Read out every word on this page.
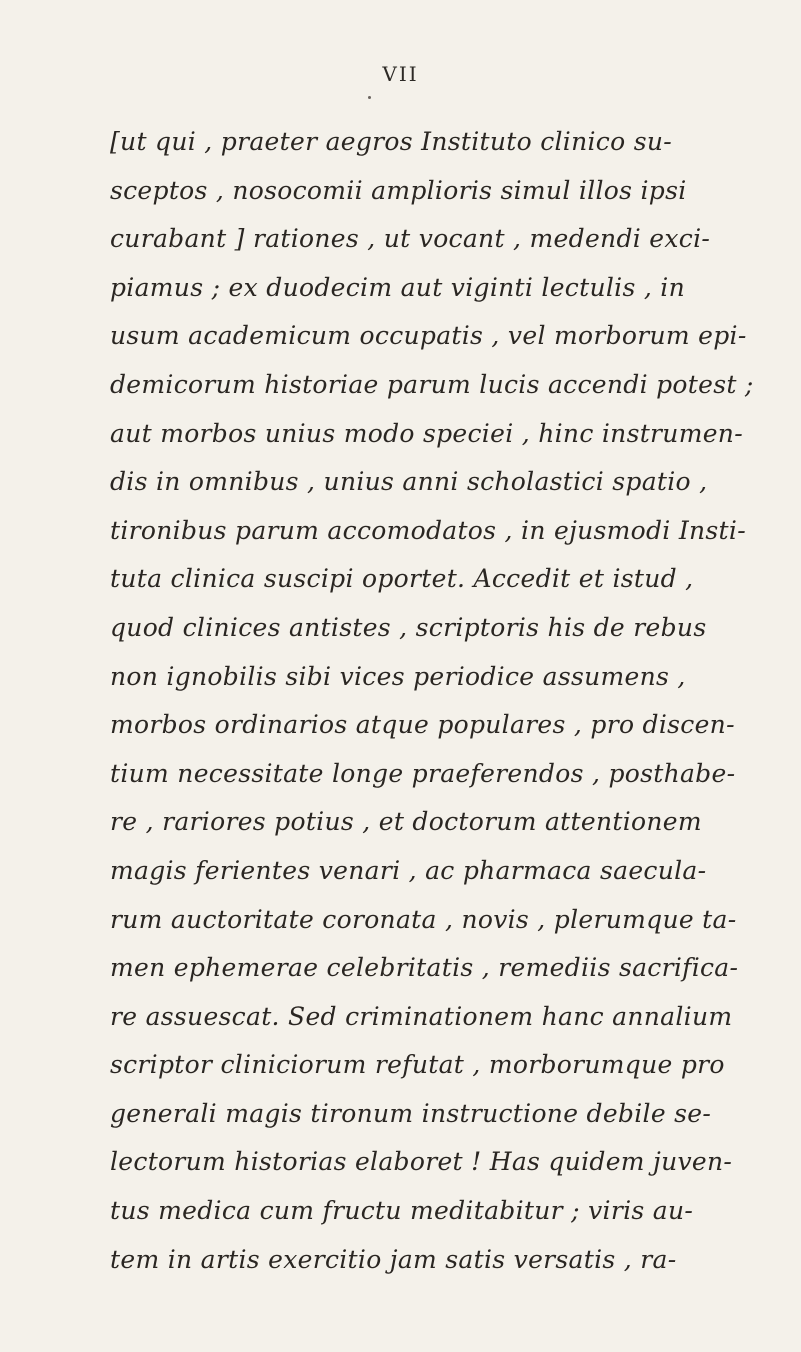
VII
[ut qui , praeter aegros Instituto clinico su-
sceptos , nosocomii amplioris simul illos ipsi
curabant ] rationes , ut vocant , medendi exci-
piamus ; ex duodecim aut viginti lectulis , in
usum academicum occupatis , vel morborum epi-
demicorum historiae parum lucis accendi potest ;
aut morbos unius modo speciei , hinc instrumen-
dis in omnibus , unius anni scholastici spatio ,
tironibus parum accomodatos , in ejusmodi Insti-
tuta clinica suscipi oportet. Accedit et istud ,
quod clinices antistes , scriptoris his de rebus
non ignobilis sibi vices periodice assumens ,
morbos ordinarios atque populares , pro discen-
tium necessitate longe praeferendos , posthabe-
re , rariores potius , et doctorum attentionem
magis ferientes venari , ac pharmaca saecula-
rum auctoritate coronata , novis , plerumque ta-
men ephemerae celebritatis , remediis sacrifica-
re assuescat. Sed criminationem hanc annalium
scriptor cliniciorum refutat , morborumque pro
generali magis tironum instructione debile se-
lectorum historias elaboret ! Has quidem juven-
tus medica cum fructu meditabitur ; viris au-
tem in artis exercitio jam satis versatis , ra-
